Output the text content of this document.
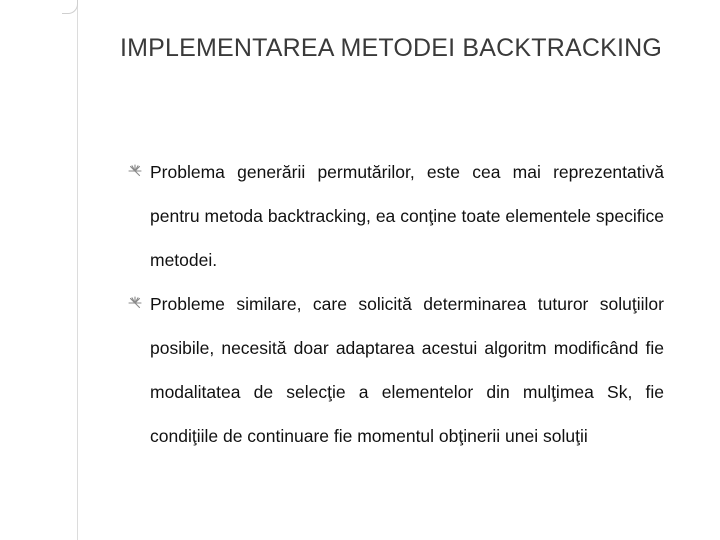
IMPLEMENTAREA METODEI BACKTRACKING
Problema generării permutărilor, este cea mai reprezentativă pentru metoda backtracking, ea conţine toate elementele specifice metodei.
Probleme similare, care solicită determinarea tuturor soluţiilor posibile, necesită doar adaptarea acestui algoritm modificând fie modalitatea de selecţie a elementelor din mulţimea Sk, fie condiţiile de continuare fie momentul obţinerii unei soluţii
